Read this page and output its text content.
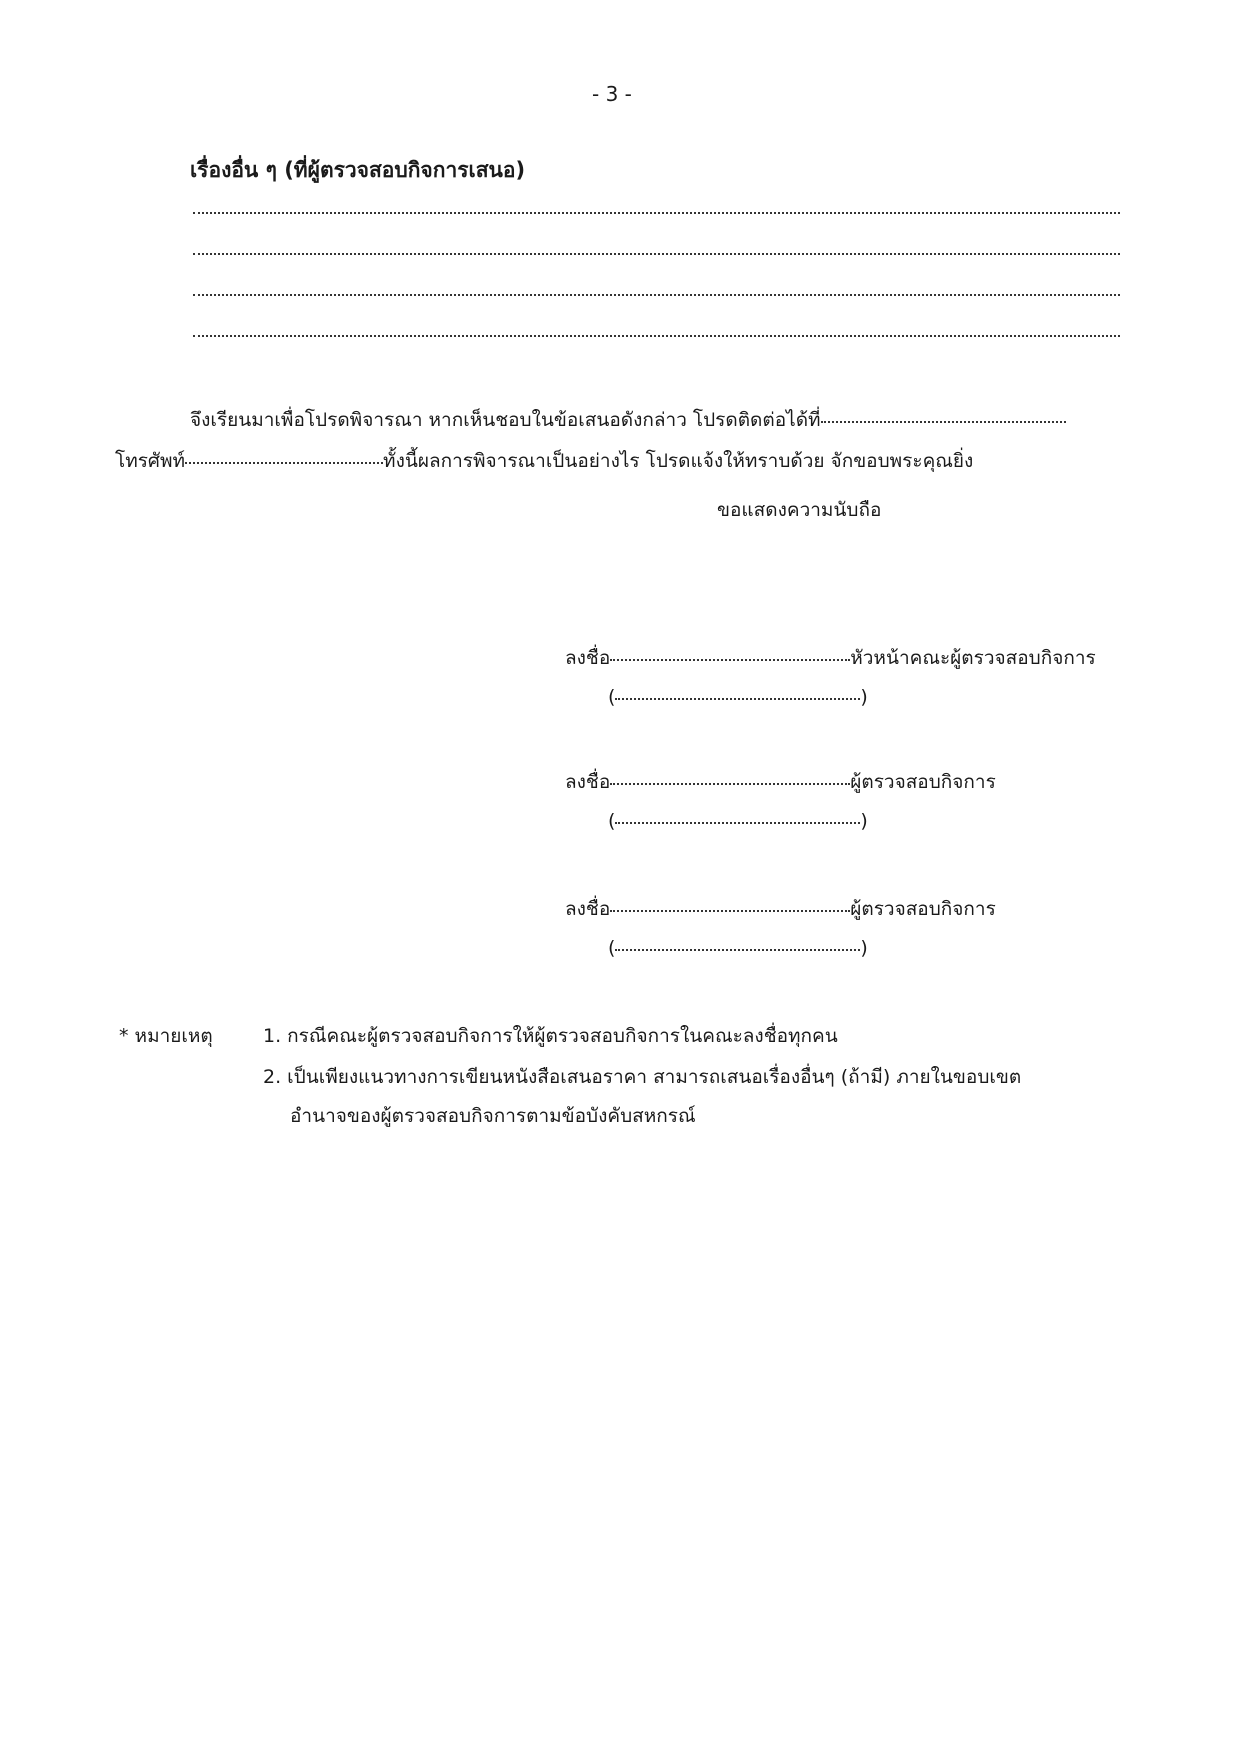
- 3 -
เรื่องอื่น ๆ (ที่ผู้ตรวจสอบกิจการเสนอ)
จึงเรียนมาเพื่อโปรดพิจารณา หากเห็นชอบในข้อเสนอดังกล่าว โปรดติดต่อได้ที่
โทรศัพท์	ทั้งนี้ผลการพิจารณาเป็นอย่างไร โปรดแจ้งให้ทราบด้วย จักขอบพระคุณยิ่ง
ขอแสดงความนับถือ
ลงชื่อ	หัวหน้าคณะผู้ตรวจสอบกิจการ
(	)
ลงชื่อ	ผู้ตรวจสอบกิจการ
(	)
ลงชื่อ	ผู้ตรวจสอบกิจการ
(	)
* หมายเหตุ	1. กรณีคณะผู้ตรวจสอบกิจการให้ผู้ตรวจสอบกิจการในคณะลงชื่อทุกคน
2. เป็นเพียงแนวทางการเขียนหนังสือเสนอราคา สามารถเสนอเรื่องอื่นๆ (ถ้ามี) ภายในขอบเขต
อำนาจของผู้ตรวจสอบกิจการตามข้อบังคับสหกรณ์
